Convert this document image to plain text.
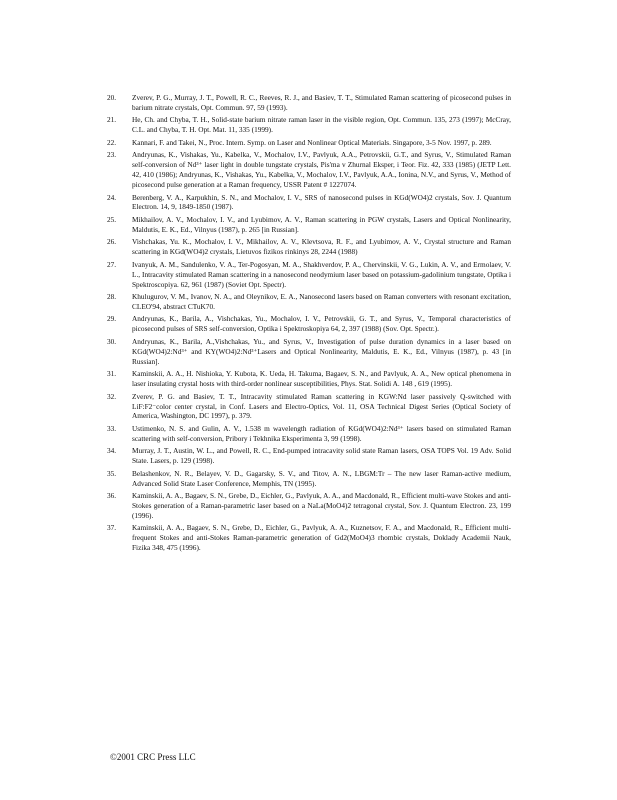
20. Zverev, P. G., Murray, J. T., Powell, R. C., Reeves, R. J., and Basiev, T. T., Stimulated Raman scattering of picosecond pulses in barium nitrate crystals, Opt. Commun. 97, 59 (1993).
21. He, Ch. and Chyba, T. H., Solid-state barium nitrate raman laser in the visible region, Opt. Commun. 135, 273 (1997); McCray, C.L. and Chyba, T. H. Opt. Mat. 11, 335 (1999).
22. Kannari, F. and Takei, N., Proc. Intern. Symp. on Laser and Nonlinear Optical Materials. Singapore, 3-5 Nov. 1997, p. 289.
23. Andryunas, K., Vishakas, Yu., Kabelka, V., Mochalov, I.V., Pavlyuk, A.A., Petrovskii, G.T., and Syrus, V., Stimulated Raman self-conversion of Nd³⁺ laser light in double tungstate crystals, Pis'ma v Zhurnal Eksper, i Teor. Fiz. 42, 333 (1985) (JETP Lett. 42, 410 (1986); Andryunas, K., Vishakas, Yu., Kabelka, V., Mochalov, I.V., Pavlyuk, A.A., Ionina, N.V., and Syrus, V., Method of picosecond pulse generation at a Raman frequency, USSR Patent # 1227074.
24. Berenberg, V. A., Karpukhin, S. N., and Mochalov, I. V., SRS of nanosecond pulses in KGd(WO4)2 crystals, Sov. J. Quantum Electron. 14, 9, 1849-1850 (1987).
25. Mikhailov, A. V., Mochalov, I. V., and Lyubimov, A. V., Raman scattering in PGW crystals, Lasers and Optical Nonlinearity, Maldutis, E. K., Ed., Vilnyus (1987), p. 265 [in Russian].
26. Vishchakas, Yu. K., Mochalov, I. V., Mikhailov, A. V., Klevtsova, R. F., and Lyubimov, A. V., Crystal structure and Raman scattering in KGd(WO4)2 crystals, Lietuvos fizikos rinkinys 28, 2244 (1988)
27. Ivanyuk, A. M., Sandulenko, V. A., Ter-Pogosyan, M. A., Shakhverdov, P. A., Chervinskii, V. G., Lukin, A. V., and Ermolaev, V. L., Intracavity stimulated Raman scattering in a nanosecond neodymium laser based on potassium-gadolinium tungstate, Optika i Spektroscopiya. 62, 961 (1987) (Soviet Opt. Spectr).
28. Khulugurov, V. M., Ivanov, N. A., and Oleynikov, E. A., Nanosecond lasers based on Raman converters with resonant excitation, CLEO'94, abstract CTuK70.
29. Andryunas, K., Barila, A., Vishchakas, Yu., Mochalov, I. V., Petrovskii, G. T., and Syrus, V., Temporal characteristics of picosecond pulses of SRS self-conversion, Optika i Spektroskopiya 64, 2, 397 (1988) (Sov. Opt. Spectr.).
30. Andryunas, K., Barila, A.,Vishchakas, Yu., and Syrus, V., Investigation of pulse duration dynamics in a laser based on KGd(WO4)2:Nd³⁺ and KY(WO4)2:Nd³⁺Lasers and Optical Nonlinearity, Maldutis, E. K., Ed., Vilnyus (1987), p. 43 [in Russian].
31. Kaminskii, A. A., H. Nishioka, Y. Kubota, K. Ueda, H. Takuma, Bagaev, S. N., and Pavlyuk, A. A., New optical phenomena in laser insulating crystal hosts with third-order nonlinear susceptibilities, Phys. Stat. Solidi A. 148 , 619 (1995).
32. Zverev, P. G. and Basiev, T. T., Intracavity stimulated Raman scattering in KGW:Nd laser passively Q-switched with LiF:F2⁻color center crystal, in Conf. Lasers and Electro-Optics, Vol. 11, OSA Technical Digest Series (Optical Society of America, Washington, DC 1997), p. 379.
33. Ustimenko, N. S. and Gulin, A. V., 1.538 m wavelength radiation of KGd(WO4)2:Nd³⁺ lasers based on stimulated Raman scattering with self-conversion, Pribory i Tekhnika Eksperimenta 3, 99 (1998).
34. Murray, J. T., Austin, W. L., and Powell, R. C., End-pumped intracavity solid state Raman lasers, OSA TOPS Vol. 19 Adv. Solid State. Lasers, p. 129 (1998).
35. Belashenkov, N. R., Belayev, V. D., Gagarsky, S. V., and Titov, A. N., LBGM:Tr – The new laser Raman-active medium, Advanced Solid State Laser Conference, Memphis, TN (1995).
36. Kaminskii, A. A., Bagaev, S. N., Grebe, D., Eichler, G., Pavlyuk, A. A., and Macdonald, R., Efficient multi-wave Stokes and anti-Stokes generation of a Raman-parametric laser based on a NaLa(MoO4)2 tetragonal crystal, Sov. J. Quantum Electron. 23, 199 (1996).
37. Kaminskii, A. A., Bagaev, S. N., Grebe, D., Eichler, G., Pavlyuk, A. A., Kuznetsov, F. A., and Macdonald, R., Efficient multi-frequent Stokes and anti-Stokes Raman-parametric generation of Gd2(MoO4)3 rhombic crystals, Doklady Academii Nauk, Fizika 348, 475 (1996).
©2001 CRC Press LLC
